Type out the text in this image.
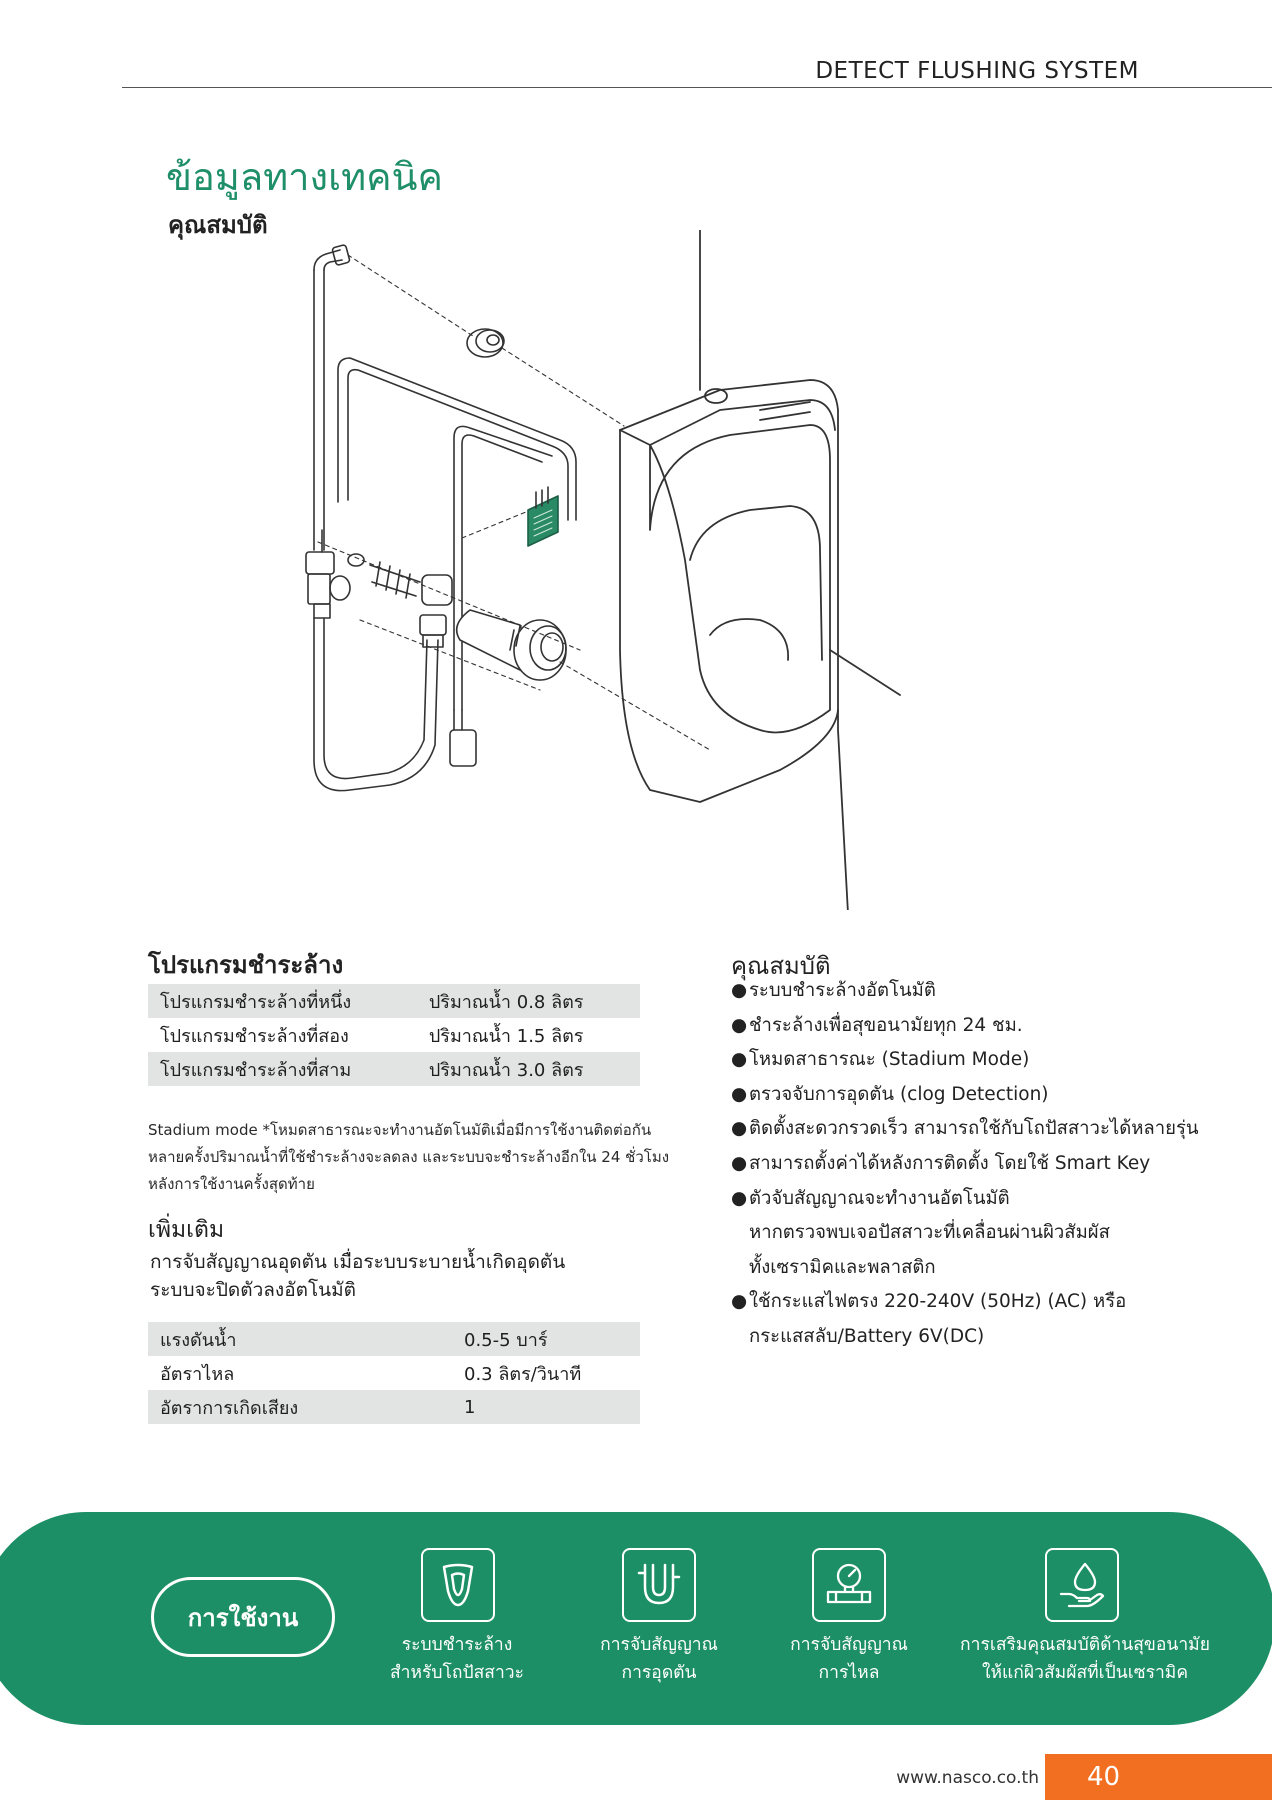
DETECT FLUSHING SYSTEM
ข้อมูลทางเทคนิค
คุณสมบัติ
โปรแกรมชำระล้าง
โปรแกรมชำระล้างที่หนึ่ง	ปริมาณน้ำ 0.8 ลิตร
โปรแกรมชำระล้างที่สอง	ปริมาณน้ำ 1.5 ลิตร
โปรแกรมชำระล้างที่สาม	ปริมาณน้ำ 3.0 ลิตร
Stadium mode *โหมดสาธารณะจะทำงานอัตโนมัติเมื่อมีการใช้งานติดต่อกัน
หลายครั้งปริมาณน้ำที่ใช้ชำระล้างจะลดลง และระบบจะชำระล้างอีกใน 24 ชั่วโมง
หลังการใช้งานครั้งสุดท้าย
เพิ่มเติม
การจับสัญญาณอุดตัน เมื่อระบบระบายน้ำเกิดอุดตัน
ระบบจะปิดตัวลงอัตโนมัติ
แรงดันน้ำ	0.5-5 บาร์
อัตราไหล	0.3 ลิตร/วินาที
อัตราการเกิดเสียง	1
คุณสมบัติ
●ระบบชำระล้างอัตโนมัติ
●ชำระล้างเพื่อสุขอนามัยทุก 24 ชม.
●โหมดสาธารณะ (Stadium Mode)
●ตรวจจับการอุดตัน (clog Detection)
●ติดตั้งสะดวกรวดเร็ว สามารถใช้กับโถปัสสาวะได้หลายรุ่น
●สามารถตั้งค่าได้หลังการติดตั้ง โดยใช้ Smart Key
●ตัวจับสัญญาณจะทำงานอัตโนมัติ
หากตรวจพบเจอปัสสาวะที่เคลื่อนผ่านผิวสัมผัส
ทั้งเซรามิคและพลาสติก
●ใช้กระแสไฟตรง 220-240V (50Hz) (AC) หรือ
กระแสสลับ/Battery 6V(DC)
การใช้งาน
ระบบชำระล้าง
สำหรับโถปัสสาวะ
การจับสัญญาณ
การอุดตัน
การจับสัญญาณ
การไหล
การเสริมคุณสมบัติด้านสุขอนามัย
ให้แก่ผิวสัมผัสที่เป็นเซรามิค
www.nasco.co.th	40
